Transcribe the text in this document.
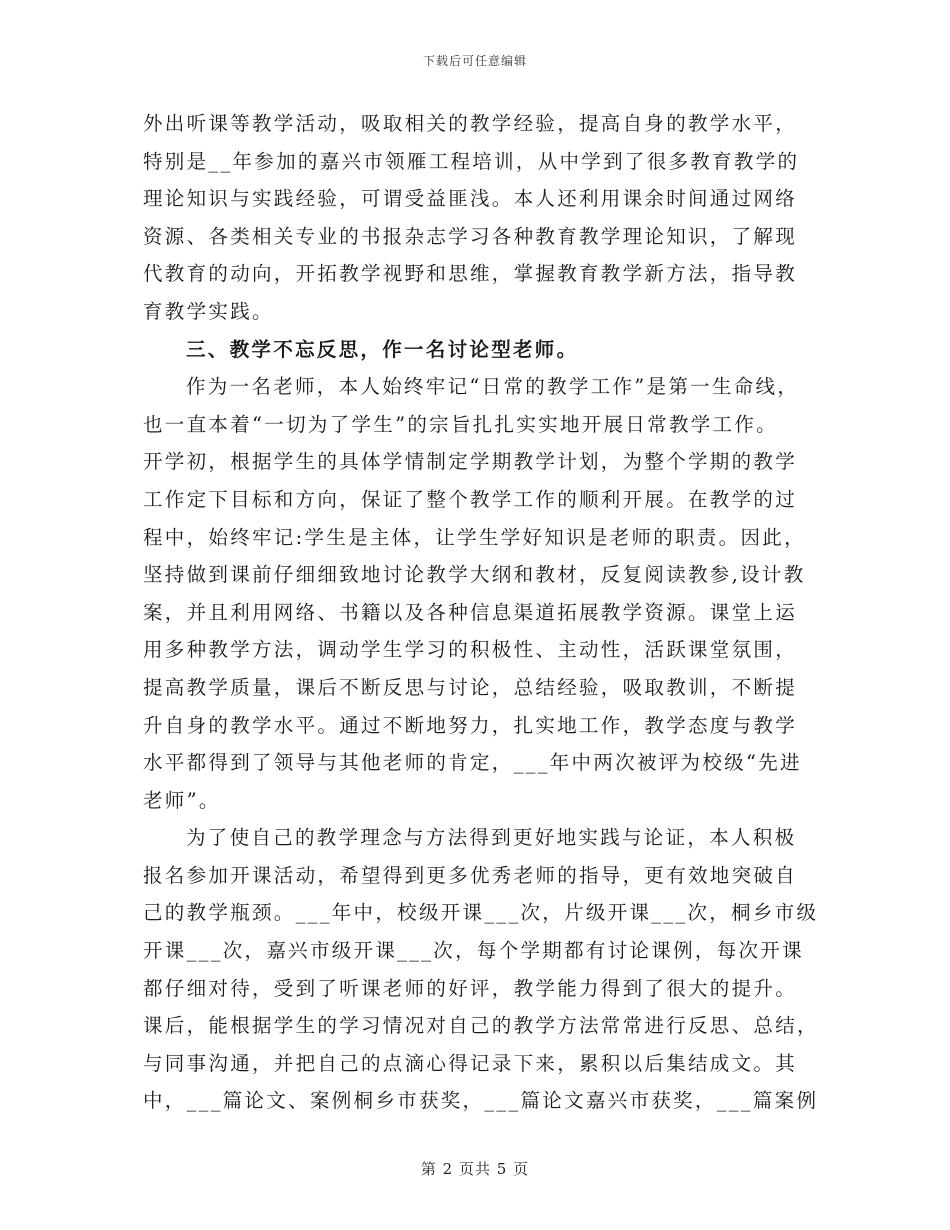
下载后可任意编辑
外出听课等教学活动，吸取相关的教学经验，提高自身的教学水平，
特别是__年参加的嘉兴市领雁工程培训，从中学到了很多教育教学的
理论知识与实践经验，可谓受益匪浅。本人还利用课余时间通过网络
资源、各类相关专业的书报杂志学习各种教育教学理论知识，了解现
代教育的动向，开拓教学视野和思维，掌握教育教学新方法，指导教
育教学实践。
三、教学不忘反思，作一名讨论型老师。
作为一名老师，本人始终牢记“日常的教学工作”是第一生命线，
也一直本着“一切为了学生”的宗旨扎扎实实地开展日常教学工作。
开学初，根据学生的具体学情制定学期教学计划，为整个学期的教学
工作定下目标和方向，保证了整个教学工作的顺利开展。在教学的过
程中，始终牢记:学生是主体，让学生学好知识是老师的职责。因此，
坚持做到课前仔细细致地讨论教学大纲和教材，反复阅读教参,设计教
案，并且利用网络、书籍以及各种信息渠道拓展教学资源。课堂上运
用多种教学方法，调动学生学习的积极性、主动性，活跃课堂氛围，
提高教学质量，课后不断反思与讨论，总结经验，吸取教训，不断提
升自身的教学水平。通过不断地努力，扎实地工作，教学态度与教学
水平都得到了领导与其他老师的肯定，___年中两次被评为校级“先进
老师”。
为了使自己的教学理念与方法得到更好地实践与论证，本人积极
报名参加开课活动，希望得到更多优秀老师的指导，更有效地突破自
己的教学瓶颈。___年中，校级开课___次，片级开课___次，桐乡市级
开课___次，嘉兴市级开课___次，每个学期都有讨论课例，每次开课
都仔细对待，受到了听课老师的好评，教学能力得到了很大的提升。
课后，能根据学生的学习情况对自己的教学方法常常进行反思、总结，
与同事沟通，并把自己的点滴心得记录下来，累积以后集结成文。其
中，___篇论文、案例桐乡市获奖，___篇论文嘉兴市获奖，___篇案例
第 2 页共 5 页
